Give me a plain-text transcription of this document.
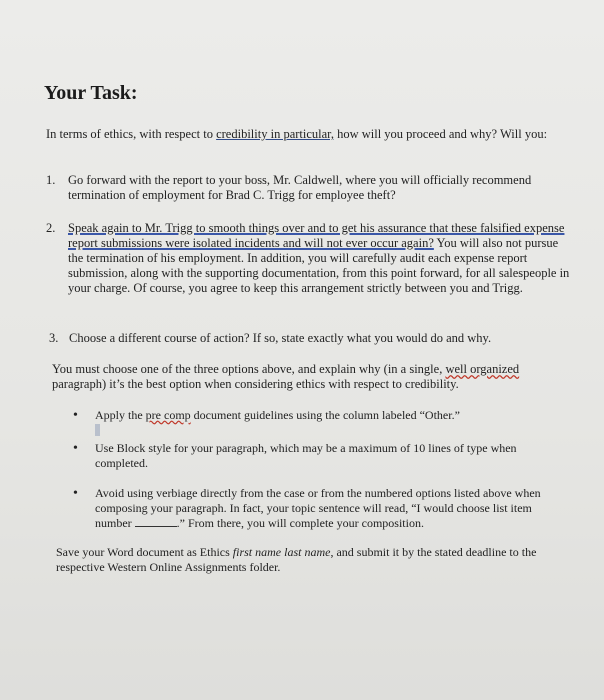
Your Task:
In terms of ethics, with respect to credibility in particular, how will you proceed and why? Will you:
1. Go forward with the report to your boss, Mr. Caldwell, where you will officially recommend termination of employment for Brad C. Trigg for employee theft?
2. Speak again to Mr. Trigg to smooth things over and to get his assurance that these falsified expense report submissions were isolated incidents and will not ever occur again? You will also not pursue the termination of his employment. In addition, you will carefully audit each expense report submission, along with the supporting documentation, from this point forward, for all salespeople in your charge. Of course, you agree to keep this arrangement strictly between you and Trigg.
3. Choose a different course of action? If so, state exactly what you would do and why.
You must choose one of the three options above, and explain why (in a single, well organized paragraph) it’s the best option when considering ethics with respect to credibility.
• Apply the pre comp document guidelines using the column labeled “Other.”
• Use Block style for your paragraph, which may be a maximum of 10 lines of type when completed.
• Avoid using verbiage directly from the case or from the numbered options listed above when composing your paragraph. In fact, your topic sentence will read, “I would choose list item number	.” From there, you will complete your composition.
Save your Word document as Ethics first name last name, and submit it by the stated deadline to the respective Western Online Assignments folder.
